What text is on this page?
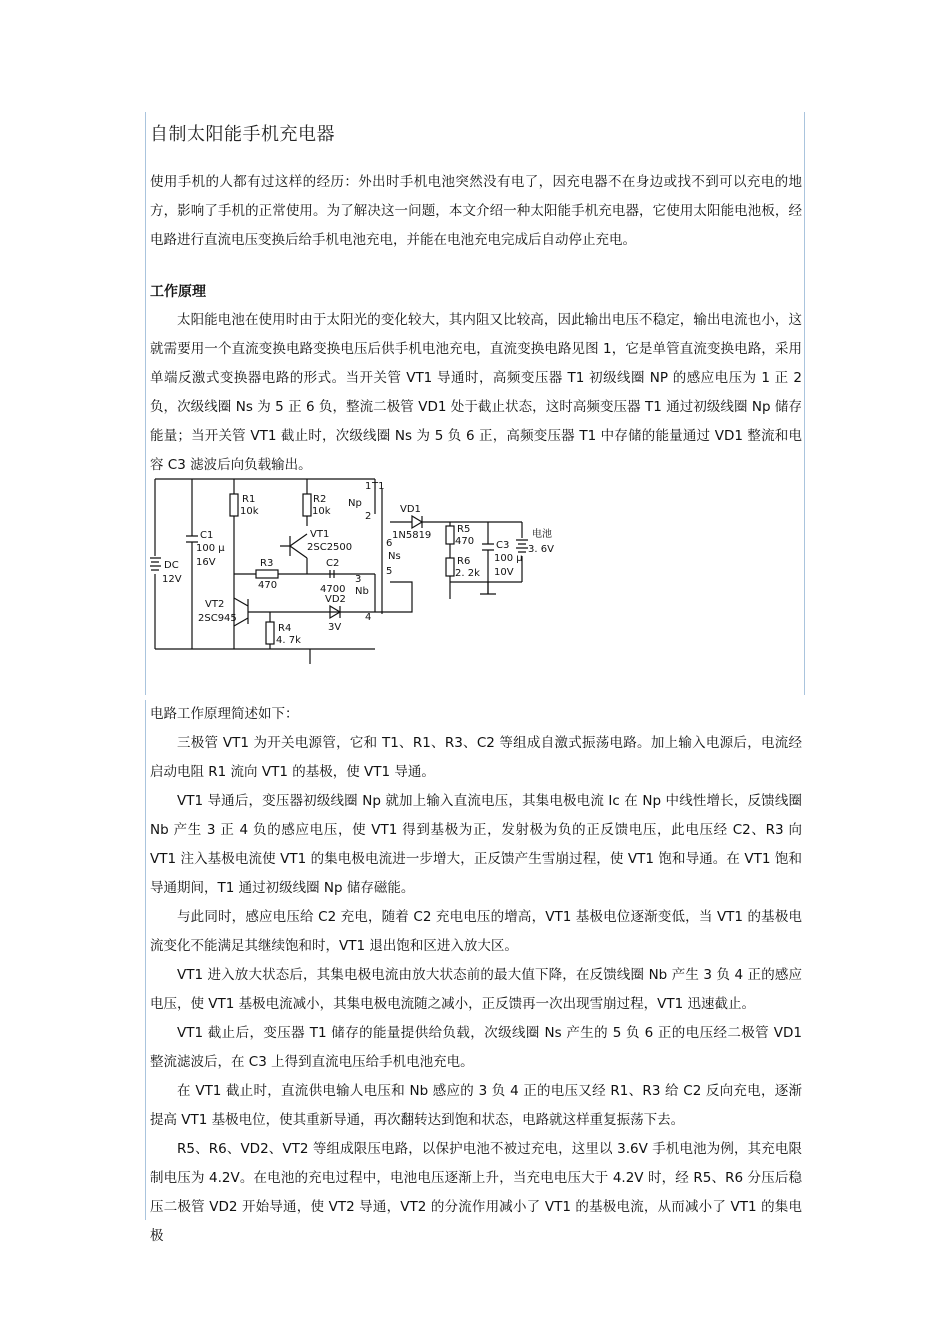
自制太阳能手机充电器

使用手机的人都有过这样的经历：外出时手机电池突然没有电了，因充电器不在身边或找不到可以充电的地方，影响了手机的正常使用。为了解决这一问题，本文介绍一种太阳能手机充电器，它使用太阳能电池板，经电路进行直流电压变换后给手机电池充电，并能在电池充电完成后自动停止充电。

工作原理

太阳能电池在使用时由于太阳光的变化较大，其内阻又比较高，因此输出电压不稳定，输出电流也小，这就需要用一个直流变换电路变换电压后供手机电池充电，直流变换电路见图 1，它是单管直流变换电路，采用单端反激式变换器电路的形式。当开关管 VT1 导通时，高频变压器 T1 初级线圈 NP 的感应电压为 1 正 2 负，次级线圈 Ns 为 5 正 6 负，整流二极管 VD1 处于截止状态，这时高频变压器 T1 通过初级线圈 Np 储存能量；当开关管 VT1 截止时，次级线圈 Ns 为 5 负 6 正，高频变压器 T1 中存储的能量通过 VD1 整流和电容 C3 滤波后向负载输出。

DC
12V
C1
100 μ
16V
R1
10k
R2
10k
VT1
2SC2500
R3
470
C2
4700
VT2
2SC945
R4
4. 7k
VD2
3V
1 T1
Np
2
6
Ns
5
3
Nb
4
VD1
1N5819
R5
470
R6
2. 2k
C3
100 μ
10V
电池
3. 6V

电路工作原理简述如下：

三极管 VT1 为开关电源管，它和 T1、R1、R3、C2 等组成自激式振荡电路。加上输入电源后，电流经启动电阻 R1 流向 VT1 的基极，使 VT1 导通。

VT1 导通后，变压器初级线圈 Np 就加上输入直流电压，其集电极电流 Ic 在 Np 中线性增长，反馈线圈 Nb 产生 3 正 4 负的感应电压，使 VT1 得到基极为正，发射极为负的正反馈电压，此电压经 C2、R3 向 VT1 注入基极电流使 VT1 的集电极电流进一步增大，正反馈产生雪崩过程，使 VT1 饱和导通。在 VT1 饱和导通期间，T1 通过初级线圈 Np 储存磁能。

与此同时，感应电压给 C2 充电，随着 C2 充电电压的增高，VT1 基极电位逐渐变低，当 VT1 的基极电流变化不能满足其继续饱和时，VT1 退出饱和区进入放大区。

VT1 进入放大状态后，其集电极电流由放大状态前的最大值下降，在反馈线圈 Nb 产生 3 负 4 正的感应电压，使 VT1 基极电流减小，其集电极电流随之减小，正反馈再一次出现雪崩过程，VT1 迅速截止。

VT1 截止后，变压器 T1 储存的能量提供给负载，次级线圈 Ns 产生的 5 负 6 正的电压经二极管 VD1 整流滤波后，在 C3 上得到直流电压给手机电池充电。

在 VT1 截止时，直流供电输人电压和 Nb 感应的 3 负 4 正的电压又经 R1、R3 给 C2 反向充电，逐渐提高 VT1 基极电位，使其重新导通，再次翻转达到饱和状态，电路就这样重复振荡下去。

R5、R6、VD2、VT2 等组成限压电路，以保护电池不被过充电，这里以 3.6V 手机电池为例，其充电限制电压为 4.2V。在电池的充电过程中，电池电压逐渐上升，当充电电压大于 4.2V 时，经 R5、R6 分压后稳压二极管 VD2 开始导通，使 VT2 导通，VT2 的分流作用减小了 VT1 的基极电流，从而减小了 VT1 的集电极
